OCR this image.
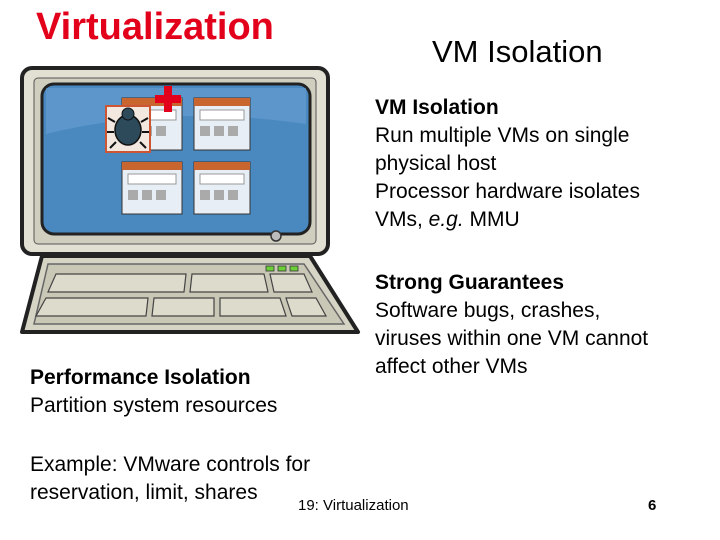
Virtualization
VM Isolation
VM Isolation
Run multiple VMs on single
physical host
Processor hardware isolates
VMs, e.g. MMU
Strong Guarantees
Software bugs, crashes,
viruses within one VM cannot
affect other VMs
Performance Isolation
Partition system resources
Example: VMware controls for
reservation, limit, shares
19: Virtualization	6
